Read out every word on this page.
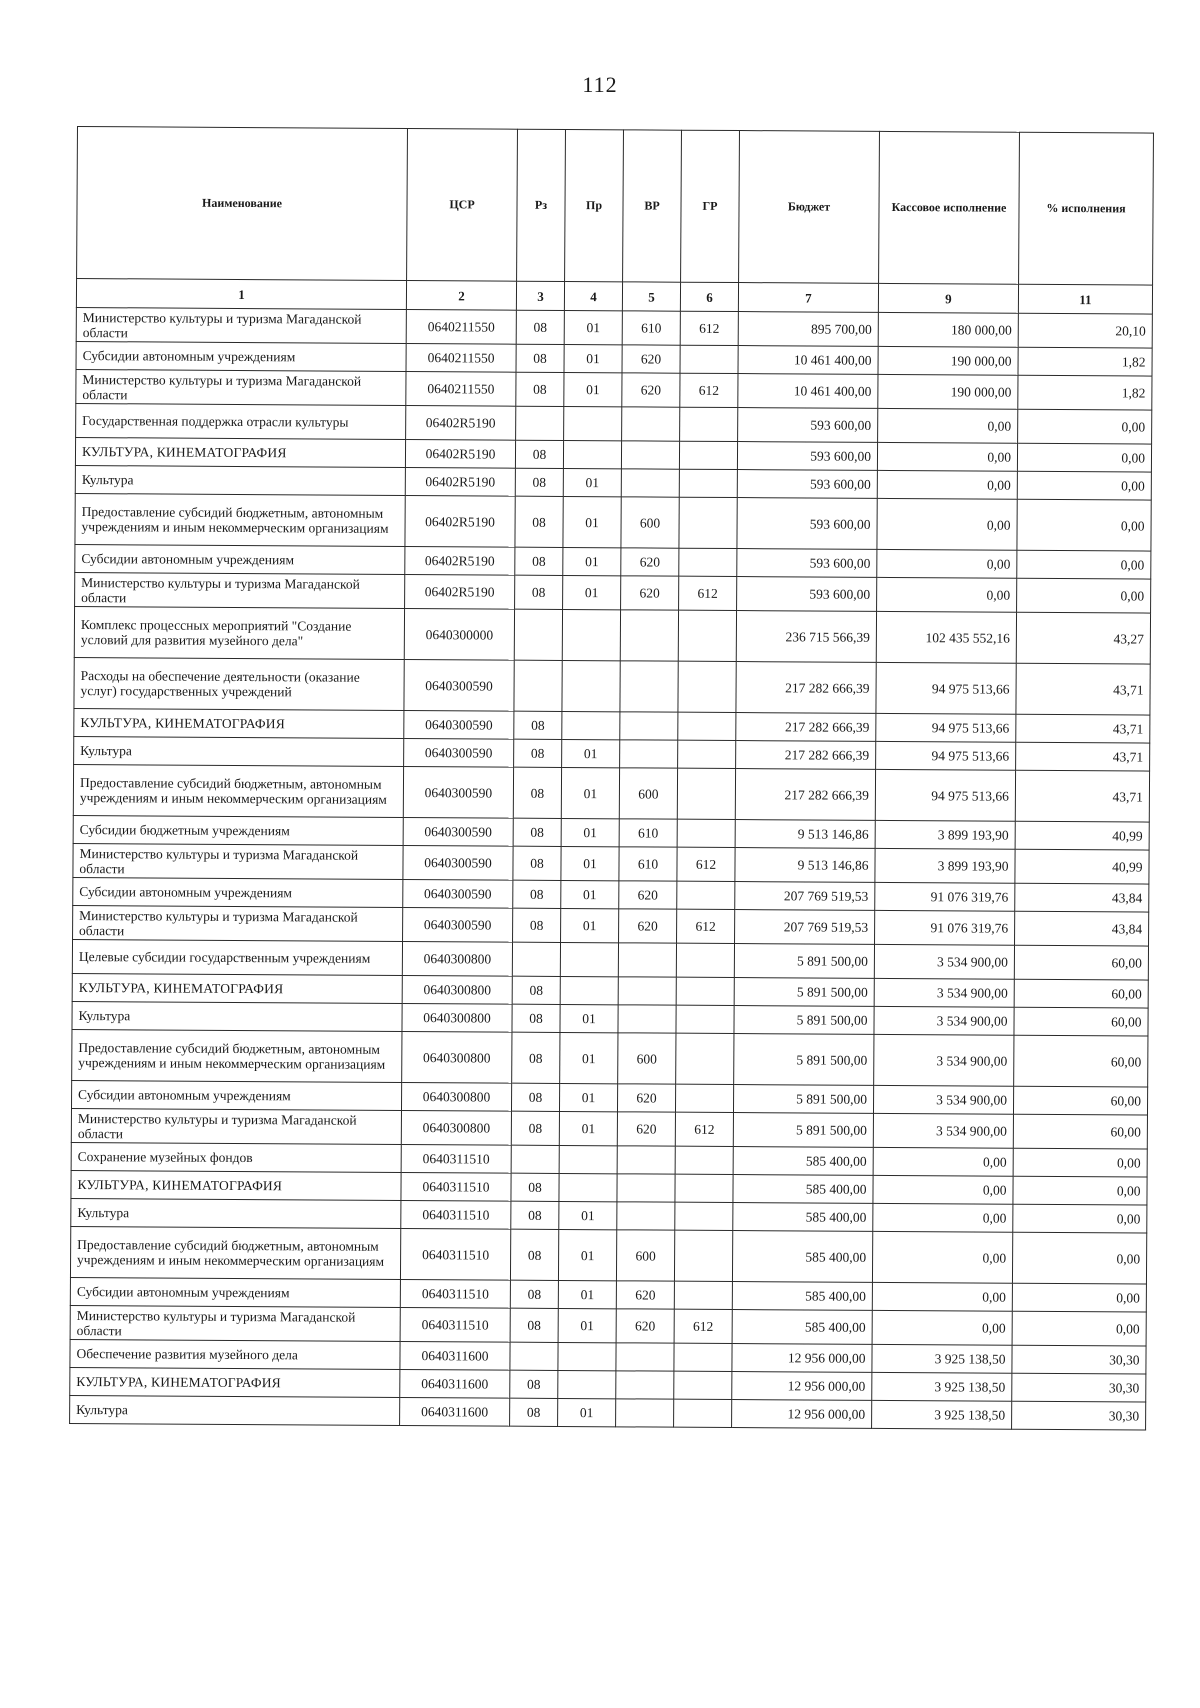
112
Наименование	ЦСР	Рз	Пр	ВР	ГР	Бюджет	Кассовое исполнение	% исполнения
1	2	3	4	5	6	7	9	11
Министерство культуры и туризма Магаданской области	0640211550	08	01	610	612	895 700,00	180 000,00	20,10
Субсидии автономным учреждениям	0640211550	08	01	620		10 461 400,00	190 000,00	1,82
Министерство культуры и туризма Магаданской области	0640211550	08	01	620	612	10 461 400,00	190 000,00	1,82
Государственная поддержка отрасли культуры	06402R5190					593 600,00	0,00	0,00
КУЛЬТУРА, КИНЕМАТОГРАФИЯ	06402R5190	08				593 600,00	0,00	0,00
Культура	06402R5190	08	01			593 600,00	0,00	0,00
Предоставление субсидий бюджетным, автономным учреждениям и иным некоммерческим организациям	06402R5190	08	01	600		593 600,00	0,00	0,00
Субсидии автономным учреждениям	06402R5190	08	01	620		593 600,00	0,00	0,00
Министерство культуры и туризма Магаданской области	06402R5190	08	01	620	612	593 600,00	0,00	0,00
Комплекс процессных мероприятий "Создание условий для развития музейного дела"	0640300000					236 715 566,39	102 435 552,16	43,27
Расходы на обеспечение деятельности (оказание услуг) государственных учреждений	0640300590					217 282 666,39	94 975 513,66	43,71
КУЛЬТУРА, КИНЕМАТОГРАФИЯ	0640300590	08				217 282 666,39	94 975 513,66	43,71
Культура	0640300590	08	01			217 282 666,39	94 975 513,66	43,71
Предоставление субсидий бюджетным, автономным учреждениям и иным некоммерческим организациям	0640300590	08	01	600		217 282 666,39	94 975 513,66	43,71
Субсидии бюджетным учреждениям	0640300590	08	01	610		9 513 146,86	3 899 193,90	40,99
Министерство культуры и туризма Магаданской области	0640300590	08	01	610	612	9 513 146,86	3 899 193,90	40,99
Субсидии автономным учреждениям	0640300590	08	01	620		207 769 519,53	91 076 319,76	43,84
Министерство культуры и туризма Магаданской области	0640300590	08	01	620	612	207 769 519,53	91 076 319,76	43,84
Целевые субсидии государственным учреждениям	0640300800					5 891 500,00	3 534 900,00	60,00
КУЛЬТУРА, КИНЕМАТОГРАФИЯ	0640300800	08				5 891 500,00	3 534 900,00	60,00
Культура	0640300800	08	01			5 891 500,00	3 534 900,00	60,00
Предоставление субсидий бюджетным, автономным учреждениям и иным некоммерческим организациям	0640300800	08	01	600		5 891 500,00	3 534 900,00	60,00
Субсидии автономным учреждениям	0640300800	08	01	620		5 891 500,00	3 534 900,00	60,00
Министерство культуры и туризма Магаданской области	0640300800	08	01	620	612	5 891 500,00	3 534 900,00	60,00
Сохранение музейных фондов	0640311510					585 400,00	0,00	0,00
КУЛЬТУРА, КИНЕМАТОГРАФИЯ	0640311510	08				585 400,00	0,00	0,00
Культура	0640311510	08	01			585 400,00	0,00	0,00
Предоставление субсидий бюджетным, автономным учреждениям и иным некоммерческим организациям	0640311510	08	01	600		585 400,00	0,00	0,00
Субсидии автономным учреждениям	0640311510	08	01	620		585 400,00	0,00	0,00
Министерство культуры и туризма Магаданской области	0640311510	08	01	620	612	585 400,00	0,00	0,00
Обеспечение развития музейного дела	0640311600					12 956 000,00	3 925 138,50	30,30
КУЛЬТУРА, КИНЕМАТОГРАФИЯ	0640311600	08				12 956 000,00	3 925 138,50	30,30
Культура	0640311600	08	01			12 956 000,00	3 925 138,50	30,30
